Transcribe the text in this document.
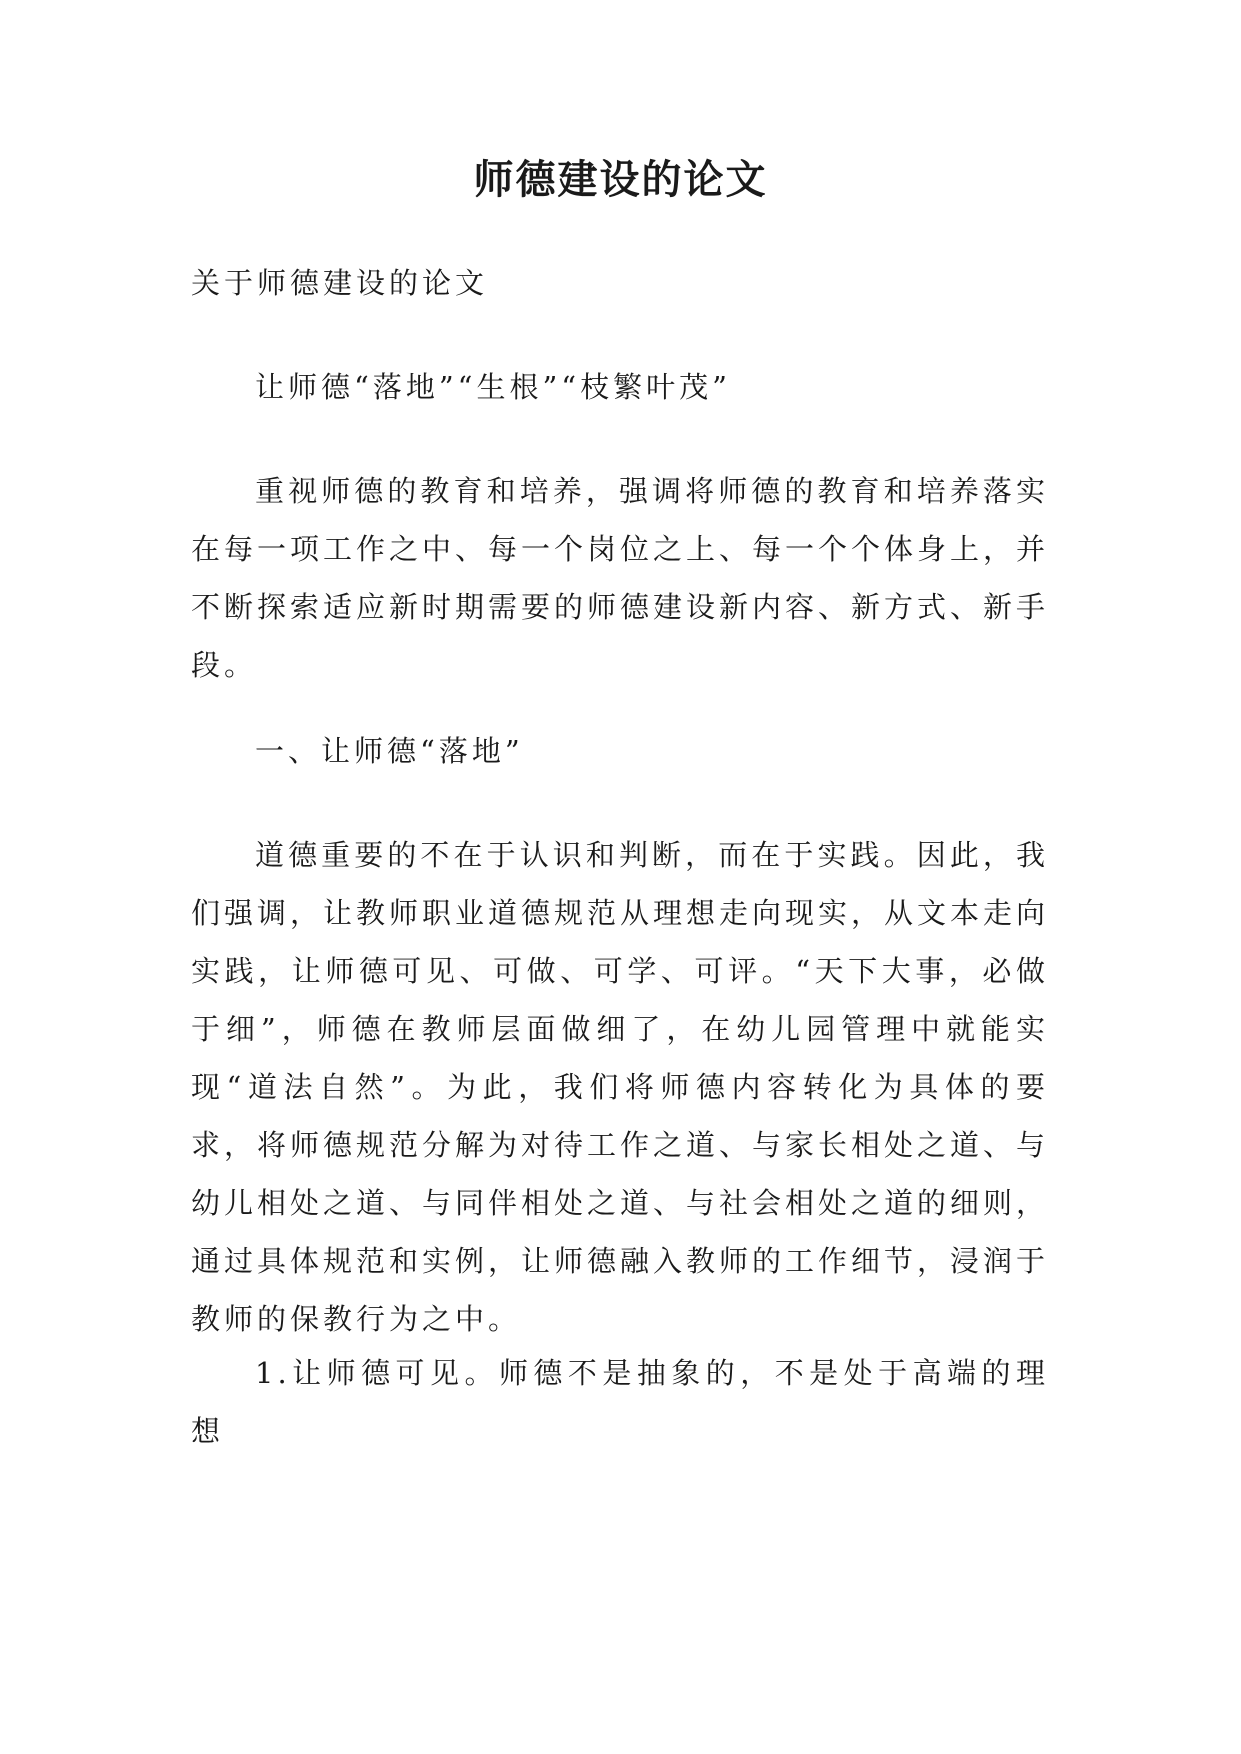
师德建设的论文

关于师德建设的论文

让师德“落地”“生根”“枝繁叶茂”

重视师德的教育和培养，强调将师德的教育和培养落实在每一项工作之中、每一个岗位之上、每一个个体身上，并不断探索适应新时期需要的师德建设新内容、新方式、新手段。

一、让师德“落地”

道德重要的不在于认识和判断，而在于实践。因此，我们强调，让教师职业道德规范从理想走向现实，从文本走向实践，让师德可见、可做、可学、可评。“天下大事，必做于细”，师德在教师层面做细了，在幼儿园管理中就能实现“道法自然”。为此，我们将师德内容转化为具体的要求，将师德规范分解为对待工作之道、与家长相处之道、与幼儿相处之道、与同伴相处之道、与社会相处之道的细则，通过具体规范和实例，让师德融入教师的工作细节，浸润于教师的保教行为之中。

1.让师德可见。师德不是抽象的，不是处于高端的理想
